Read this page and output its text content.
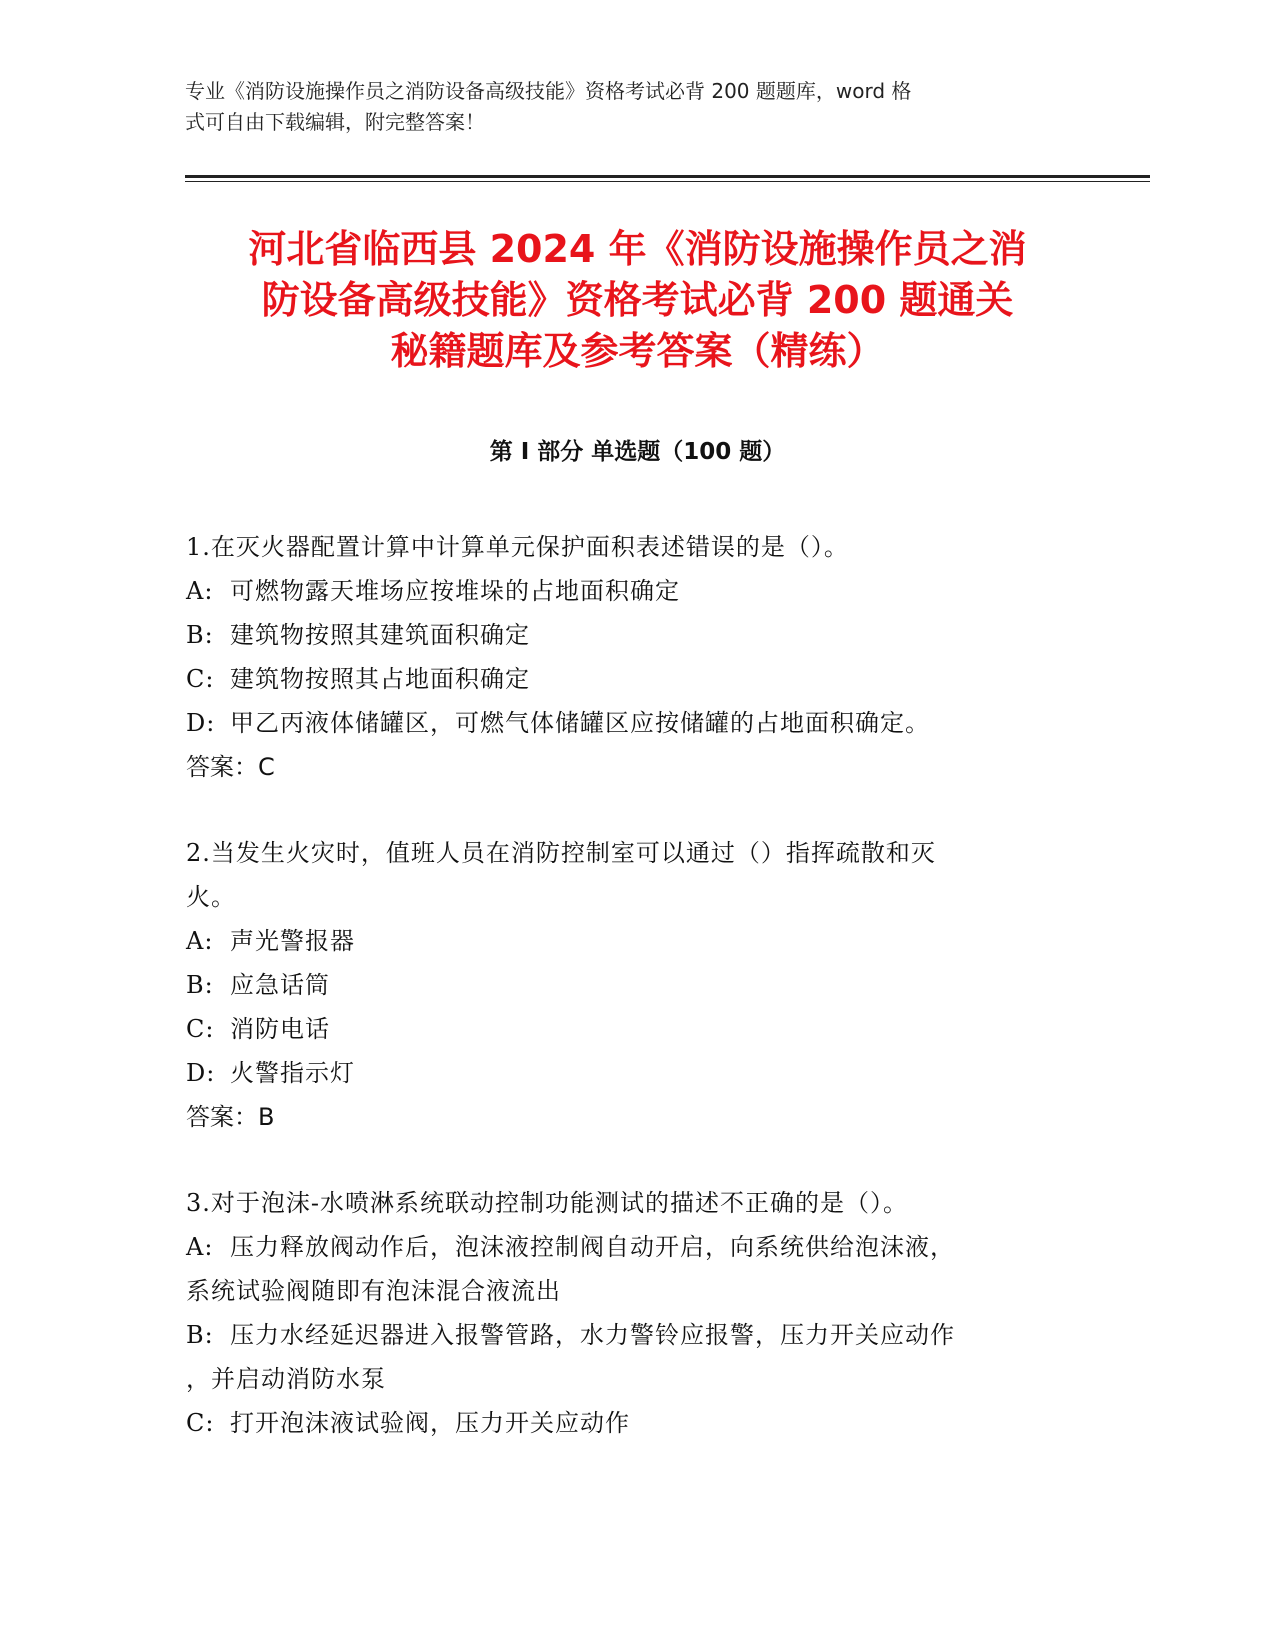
专业《消防设施操作员之消防设备高级技能》资格考试必背 200 题题库，word 格
式可自由下载编辑，附完整答案！
河北省临西县 2024 年《消防设施操作员之消
防设备高级技能》资格考试必背 200 题通关
秘籍题库及参考答案（精练）
第 I 部分 单选题（100 题）

1.在灭火器配置计算中计算单元保护面积表述错误的是（）。

A: 可燃物露天堆场应按堆垛的占地面积确定

B: 建筑物按照其建筑面积确定

C: 建筑物按照其占地面积确定

D: 甲乙丙液体储罐区，可燃气体储罐区应按储罐的占地面积确定。

答案：C

2.当发生火灾时，值班人员在消防控制室可以通过（）指挥疏散和灭

火。

A: 声光警报器

B: 应急话筒

C: 消防电话

D: 火警指示灯

答案：B

3.对于泡沫-水喷淋系统联动控制功能测试的描述不正确的是（）。

A: 压力释放阀动作后，泡沫液控制阀自动开启，向系统供给泡沫液，

系统试验阀随即有泡沫混合液流出

B: 压力水经延迟器进入报警管路，水力警铃应报警，压力开关应动作

，并启动消防水泵

C: 打开泡沫液试验阀，压力开关应动作
